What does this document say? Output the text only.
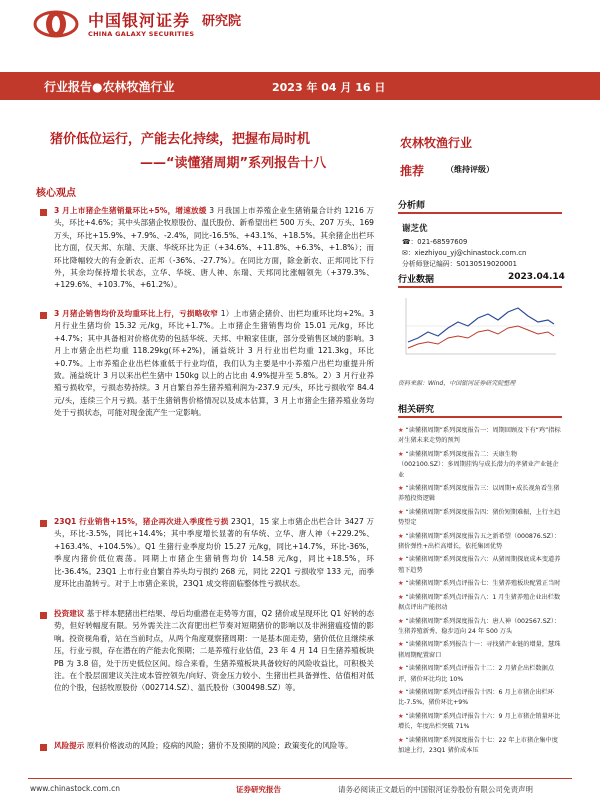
中国银河证券
CHINA GALAXY SECURITIES
研究院
行业报告●农林牧渔行业	2023 年 04 月 16 日
猪价低位运行，产能去化持续，把握布局时机
——“读懂猪周期”系列报告十八
核心观点
3 月上市猪企生猪销量环比+5%，增速放缓 3 月我国上市养殖企业生猪销量合计约 1216 万头，环比+4.6%；其中头部猪企牧原股份、温氏股份、新希望出栏 500 万头、207 万头、169 万头，环比+15.9%、+7.9%、-2.4%，同比-16.5%、+43.1%、+18.5%。其余猪企出栏环比方面，仅天邦、东瑞、天康、华统环比为正（+34.6%、+11.8%、+6.3%、+1.8%）；而环比降幅较大的有金新农、正邦（-36%、-27.7%）。在同比方面，除金新农、正邦同比下行外，其余均保持增长状态，立华、华统、唐人神、东瑞、天邦同比涨幅领先（+379.3%、+129.6%、+103.7%、+61.2%）。
3 月猪企销售均价及均重环比上行，亏损略收窄 1）上市猪企猪价、出栏均重环比均+2%。3 月行业生猪均价 15.32 元/kg，环比+1.7%。上市猪企生猪销售均价 15.01 元/kg，环比+4.7%；其中具备相对价格优势的包括华统、天邦、中粮家佳康，部分受销售区域的影响。3 月上市猪企出栏均重 118.29kg(环+2%)，涌益统计 3 月行业出栏均重 121.3kg，环比+0.7%。上市养殖企业出栏体重低于行业均值，我们认为主要是中小养殖户出栏均重提升所致。涌益统计 3 月以来出栏生猪中 150kg 以上的占比由 4.9%提升至 5.8%。2）3 月行业养殖亏损收窄，亏损态势持续。3 月自繁自养生猪养殖利润为-237.9 元/头，环比亏损收窄 84.4 元/头，连续三个月亏损。基于生猪销售价格情况以及成本估算，3 月上市猪企生猪养殖业务均处于亏损状态，可能对现金流产生一定影响。
23Q1 行业销售+15%，猪企再次进入季度性亏损 23Q1，15 家上市猪企出栏合计 3427 万头，环比-3.5%，同比+14.4%；其中季度增长显著的有华统、立华、唐人神（+229.2%、+163.4%、+104.5%）。Q1 生猪行业季度均价 15.27 元/kg，同比+14.7%，环比-36%，季度内猪价低位震荡。同期上市猪企生猪销售均价 14.58 元/kg，同比+18.5%，环比-36.4%。23Q1 上市行业自繁自养头均亏损约 268 元，同比 22Q1 亏损收窄 133 元，而季度环比由盈转亏。对于上市猪企来说，23Q1 成交将面临整体性亏损状态。
投资建议 基于样本肥猪出栏结果、母后均重潜在走势等方面，Q2 猪价或呈现环比 Q1 好转的态势，但好转幅度有限。另外需关注二次育肥出栏节奏对短期猪价的影响以及非洲猪瘟疫情的影响。投资视角看，站在当前时点，从两个角度观察猪周期：一是基本面走势，猪价低位且继续承压，行业亏损，存在潜在的产能去化预期；二是养殖行业估值，23 年 4 月 14 日生猪养殖板块 PB 为 3.8 倍，处于历史低位区间。综合来看，生猪养殖板块具备较好的风险收益比，可积极关注。在个股层面建议关注成本管控领先/向好、资金压力较小、生猪出栏具备弹性、估值相对低位的个股，包括牧原股份（002714.SZ）、温氏股份（300498.SZ）等。
风险提示 原料价格波动的风险；疫病的风险；猪价不及预期的风险；政策变化的风险等。
农林牧渔行业
推荐	（维持评级）
分析师
谢芝优
☎：021-68597609
✉：xiezhiyou_yj@chinastock.com.cn
分析师登记编码：S0130519020001
行业数据	2023.04.14
资料来源：Wind，中国银河证券研究院整理
相关研究
★ “读懂猪周期”系列深度报告一：周期回顾及下有“鸡”指标对生猪未来走势的预判
★ “读懂猪周期”系列深度报告二：天康生物（002100.SZ）：多周期挂钩与成长潜力的孝猪业产业链企业
★ “读懂猪周期”系列深度报告三：以周期+成长视角看生猪养殖投资逻辑
★ “读懂猪周期”系列深度报告四：猪价短期难振，上行主趋势望定
★ “读懂猪周期”系列深度报告五之新希望（000876.SZ）：猪价弹性+出栏高增长，依托集团优势
★ “读懂猪周期”系列深度报告六：从猪周期探底成本变道养殖下趋势
★ “读懂猪周期”系列点评报告七：生猪养殖板块配置正当时
★ “读懂猪周期”系列点评报告八：1 月生猪养殖企业出栏数据点评出产能拐动
★ “读懂猪周期”系列深度报告九：唐人神（002567.SZ）：生猪养殖新秀，稳步迈向 24 年 500 万头
★ “读懂猪周期”系列报告十一：寻找猪产业链的增量，慧珠猪周期配置窗口
★ “读懂猪周期”系列点评报告十二：2 月猪企出栏数据点评，猪价环比均比 10%
★ “读懂猪周期”系列点评报告十四：6 月上市猪企出栏环比-7.5%，猪价环比+9%
★ “读懂猪周期”系列点评报告十六：9 月上市猪企销量环比增长，年度出栏突破 71%
★ “读懂猪周期”系列深度报告十七：22 年上市猪企集中度加速上行，23Q1 猪价成本压
www.chinastock.com.cn	证券研究报告	请务必阅读正文最后的中国银河证券股份有限公司免责声明
